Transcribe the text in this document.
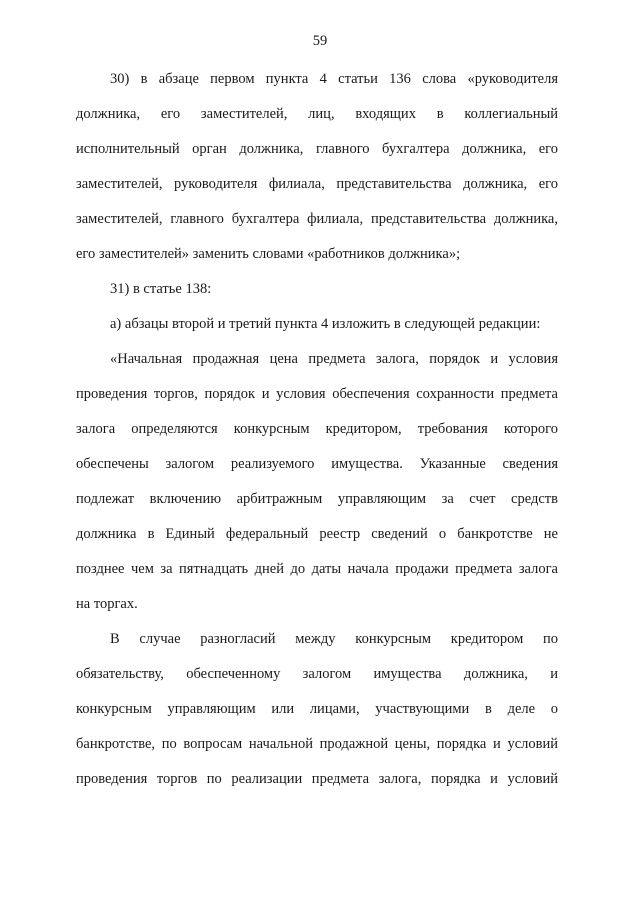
59
30) в абзаце первом пункта 4 статьи 136 слова «руководителя
должника, его заместителей, лиц, входящих в коллегиальный
исполнительный орган должника, главного бухгалтера должника, его
заместителей, руководителя филиала, представительства должника, его
заместителей, главного бухгалтера филиала, представительства должника,
его заместителей» заменить словами «работников должника»;
31) в статье 138:
а) абзацы второй и третий пункта 4 изложить в следующей редакции:
«Начальная продажная цена предмета залога, порядок и условия
проведения торгов, порядок и условия обеспечения сохранности предмета
залога определяются конкурсным кредитором, требования которого
обеспечены залогом реализуемого имущества. Указанные сведения
подлежат включению арбитражным управляющим за счет средств
должника в Единый федеральный реестр сведений о банкротстве не
позднее чем за пятнадцать дней до даты начала продажи предмета залога
на торгах.
В случае разногласий между конкурсным кредитором по
обязательству, обеспеченному залогом имущества должника, и
конкурсным управляющим или лицами, участвующими в деле о
банкротстве, по вопросам начальной продажной цены, порядка и условий
проведения торгов по реализации предмета залога, порядка и условий
